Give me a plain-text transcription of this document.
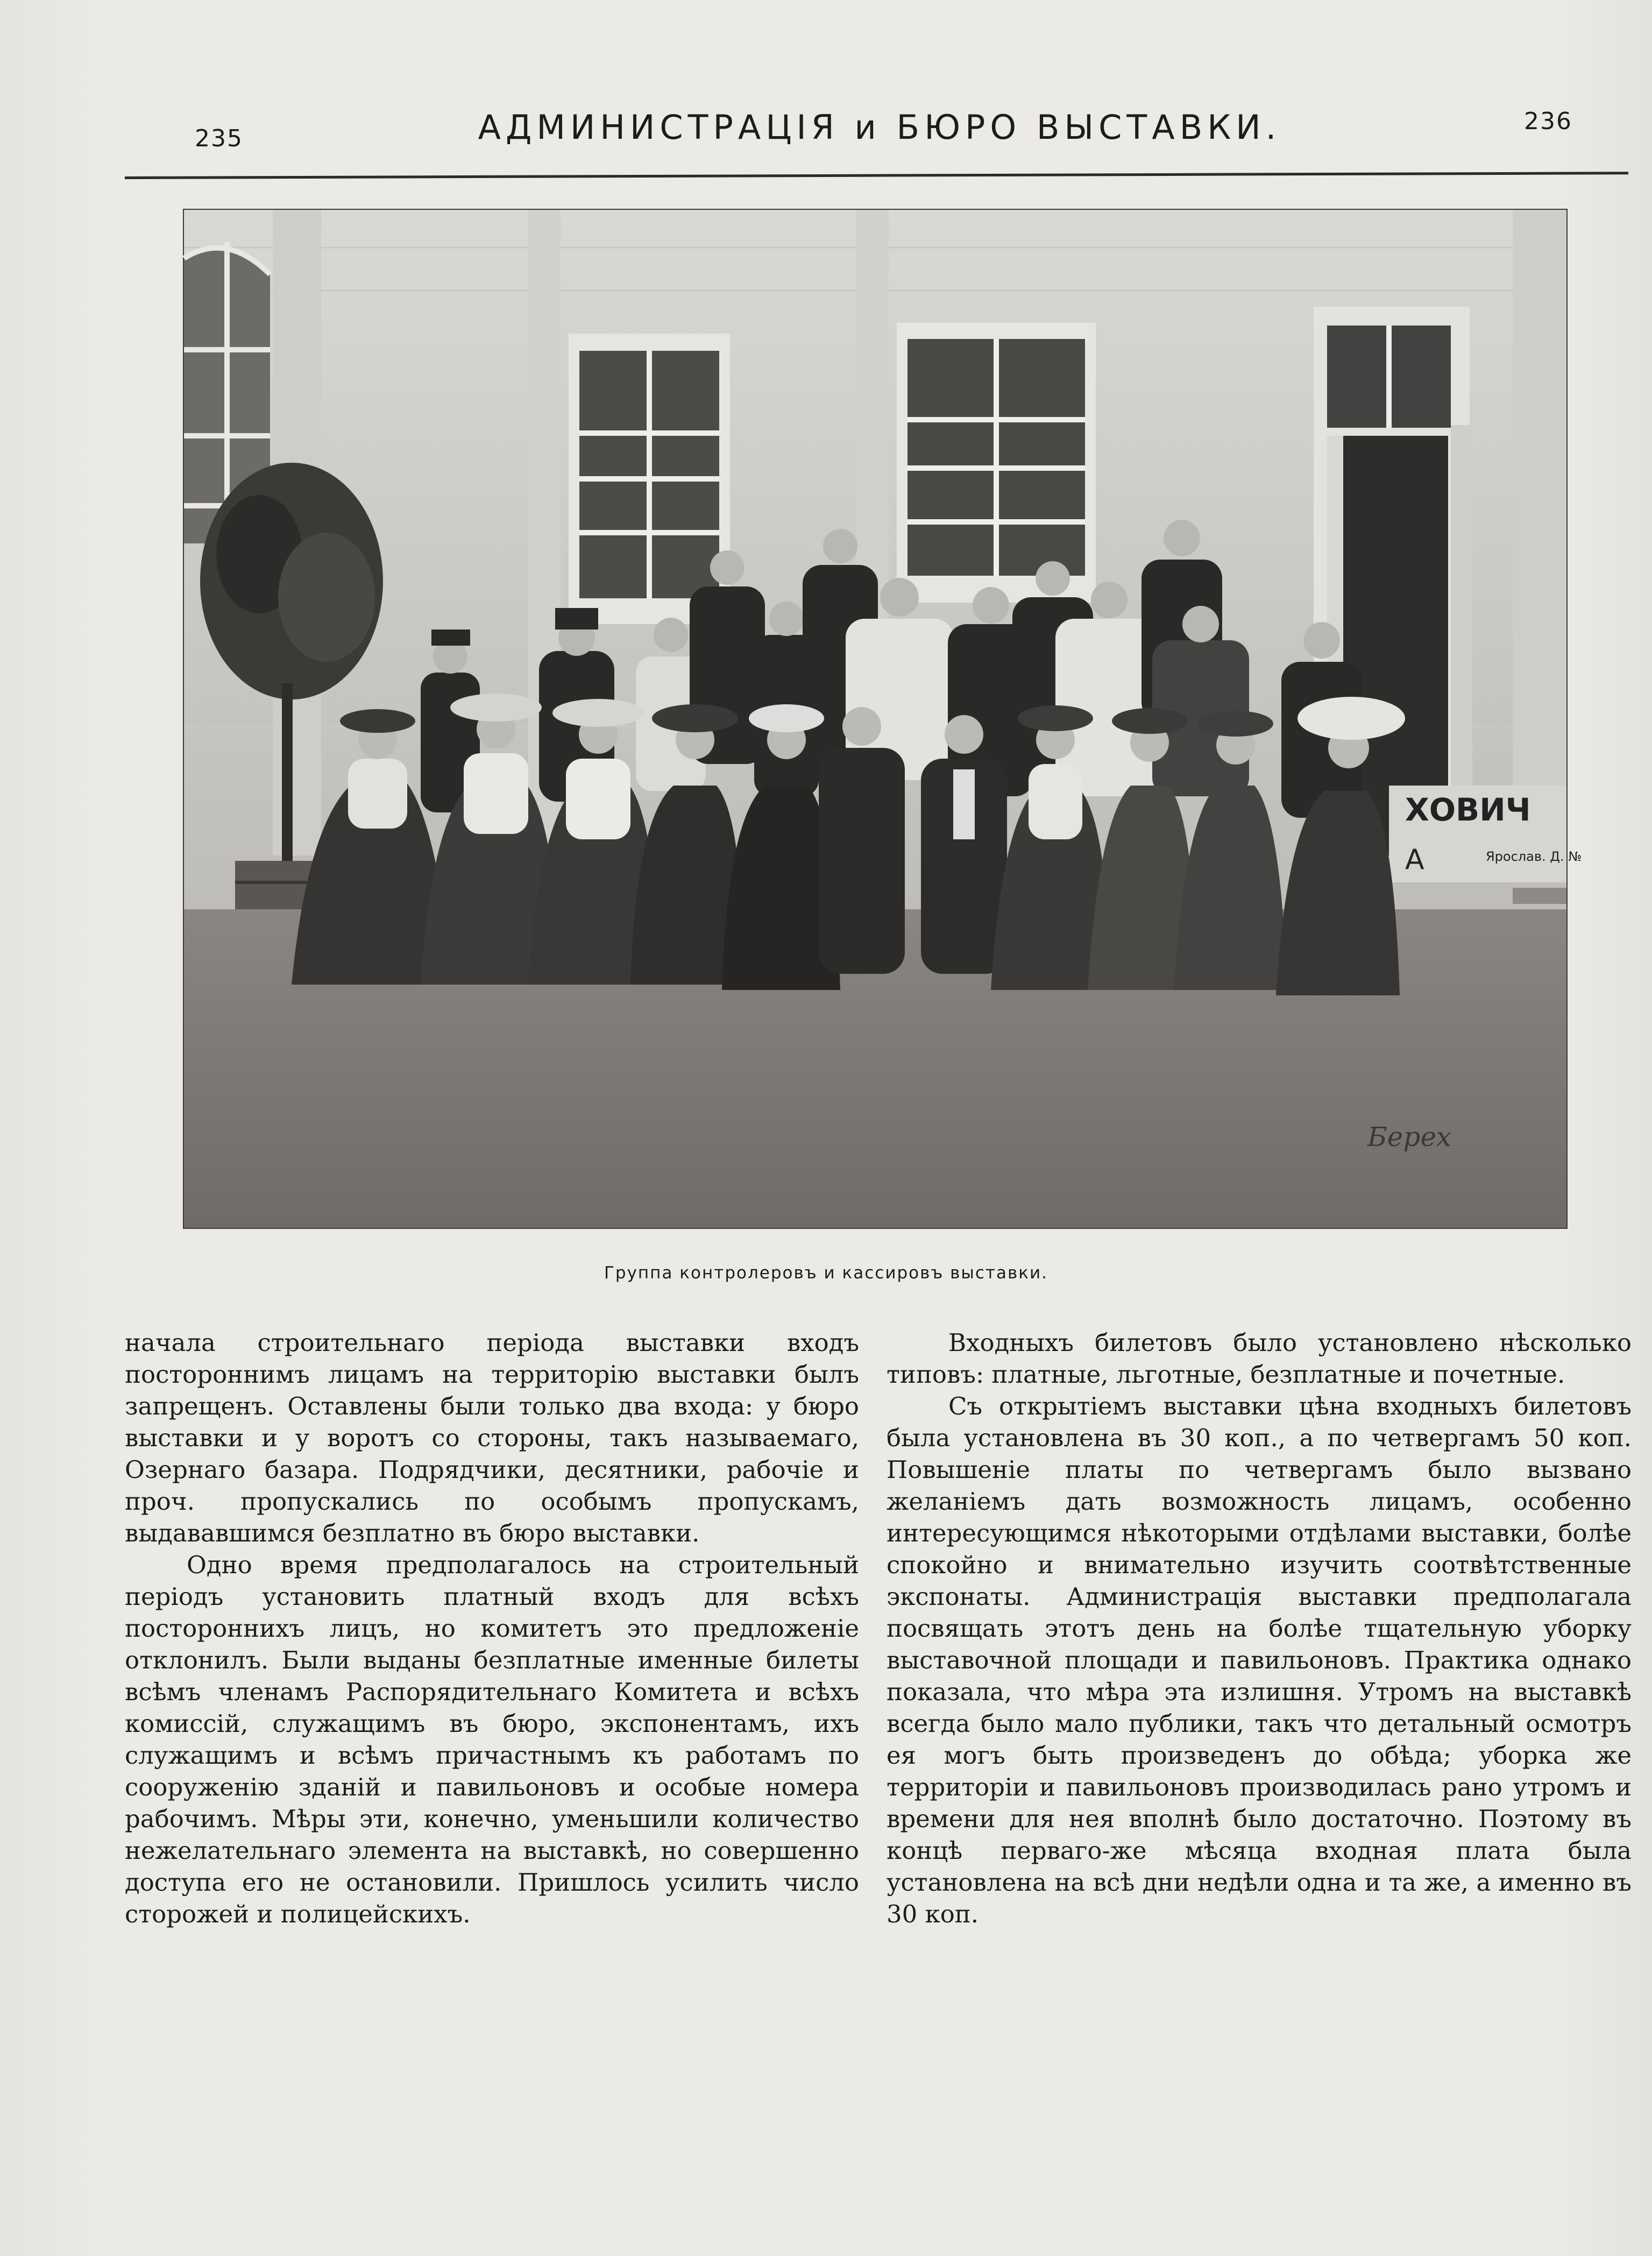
235	АДМИНИСТРАЦІЯ и БЮРО ВЫСТАВКИ.	236
ХОВИЧ
А	Ярослав. Д. №
Берех
Группа контролеровъ и кассировъ выставки.

начала строительнаго періода выставки входъ постороннимъ лицамъ на территорію выставки былъ запрещенъ. Оставлены были только два входа: у бюро выставки и у воротъ со стороны, такъ называемаго, Озернаго базара. Подрядчики, десятники, рабочіе и проч. пропускались по особымъ пропускамъ, выдававшимся безплатно въ бюро выставки.

Одно время предполагалось на строительный періодъ установить платный входъ для всѣхъ постороннихъ лицъ, но комитетъ это предложеніе отклонилъ. Были выданы безплатные именные билеты всѣмъ членамъ Распорядительнаго Комитета и всѣхъ комиссій, служащимъ въ бюро, экспонентамъ, ихъ служащимъ и всѣмъ причастнымъ къ работамъ по сооруженію зданій и павильоновъ и особые номера рабочимъ. Мѣры эти, конечно, уменьшили количество нежелательнаго элемента на выставкѣ, но совершенно доступа его не остановили. Пришлось усилить число сторожей и полицейскихъ.

Входныхъ билетовъ было установлено нѣсколько типовъ: платные, льготные, безплатные и почетные.

Съ открытіемъ выставки цѣна входныхъ билетовъ была установлена въ 30 коп., а по четвергамъ 50 коп. Повышеніе платы по четвергамъ было вызвано желаніемъ дать возможность лицамъ, особенно интересующимся нѣкоторыми отдѣлами выставки, болѣе спокойно и внимательно изучить соотвѣтственные экспонаты. Администрація выставки предполагала посвящать этотъ день на болѣе тщательную уборку выставочной площади и павильоновъ. Практика однако показала, что мѣра эта излишня. Утромъ на выставкѣ всегда было мало публики, такъ что детальный осмотръ ея могъ быть произведенъ до обѣда; уборка же территоріи и павильоновъ производилась рано утромъ и времени для нея вполнѣ было достаточно. Поэтому въ концѣ перваго-же мѣсяца входная плата была установлена на всѣ дни недѣли одна и та же, а именно въ 30 коп.
